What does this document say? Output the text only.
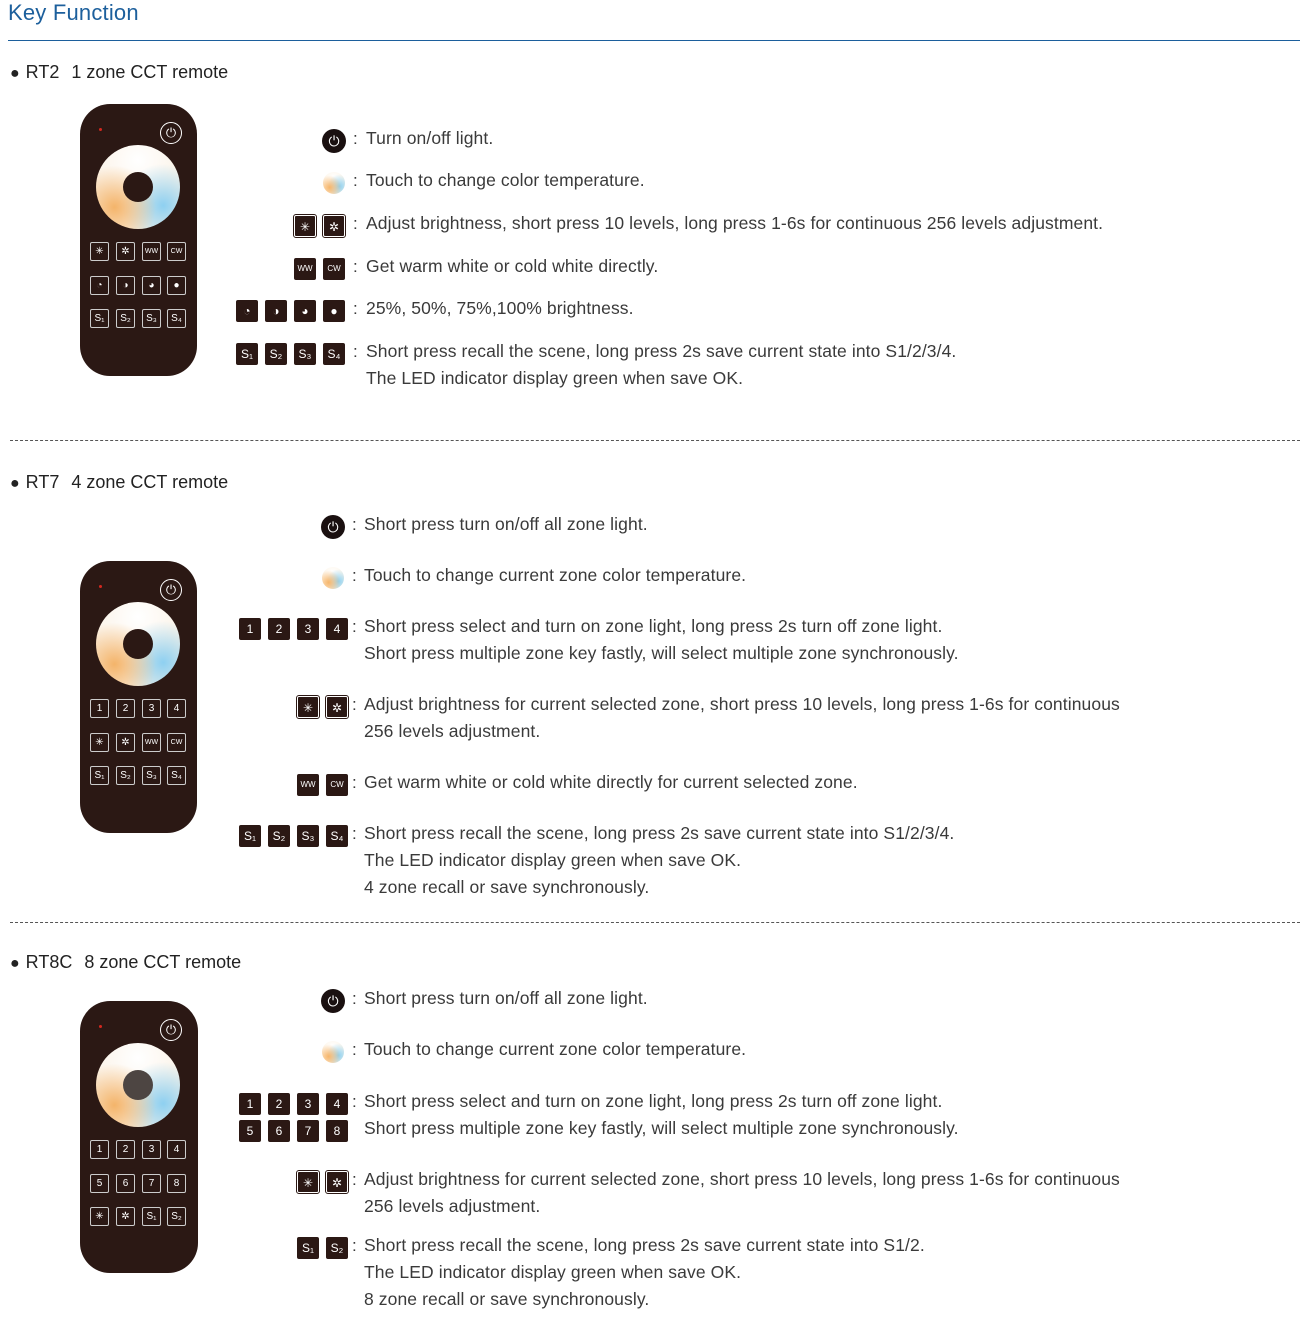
Key Function
● RT2 1 zone CCT remote
⏻
✳	✲	WW	CW
◔	◑	◕	●
S₁	S₂	S₃	S₄
⏻ : Turn on/off light.
: Touch to change color temperature.
✳	✲ : Adjust brightness, short press 10 levels, long press 1-6s for continuous 256 levels adjustment.
WW	CW : Get warm white or cold white directly.
◔	◑	◕	● : 25%, 50%, 75%,100% brightness.
S₁	S₂	S₃	S₄ : Short press recall the scene, long press 2s save current state into S1/2/3/4.
The LED indicator display green when save OK.
● RT7 4 zone CCT remote
⏻
1	2	3	4
✳	✲	WW	CW
S₁	S₂	S₃	S₄
⏻ : Short press turn on/off all zone light.
: Touch to change current zone color temperature.
1	2	3	4 : Short press select and turn on zone light, long press 2s turn off zone light.
Short press multiple zone key fastly, will select multiple zone synchronously.
✳	✲ : Adjust brightness for current selected zone, short press 10 levels, long press 1-6s for continuous
256 levels adjustment.
WW	CW : Get warm white or cold white directly for current selected zone.
S₁	S₂	S₃	S₄ : Short press recall the scene, long press 2s save current state into S1/2/3/4.
The LED indicator display green when save OK.
4 zone recall or save synchronously.
● RT8C 8 zone CCT remote
⏻
1	2	3	4
5	6	7	8
✳	✲	S₁	S₂
⏻ : Short press turn on/off all zone light.
: Touch to change current zone color temperature.
1	2	3	4
5	6	7	8
: Short press select and turn on zone light, long press 2s turn off zone light.
Short press multiple zone key fastly, will select multiple zone synchronously.
✳	✲ : Adjust brightness for current selected zone, short press 10 levels, long press 1-6s for continuous
256 levels adjustment.
S₁	S₂ : Short press recall the scene, long press 2s save current state into S1/2.
The LED indicator display green when save OK.
8 zone recall or save synchronously.
